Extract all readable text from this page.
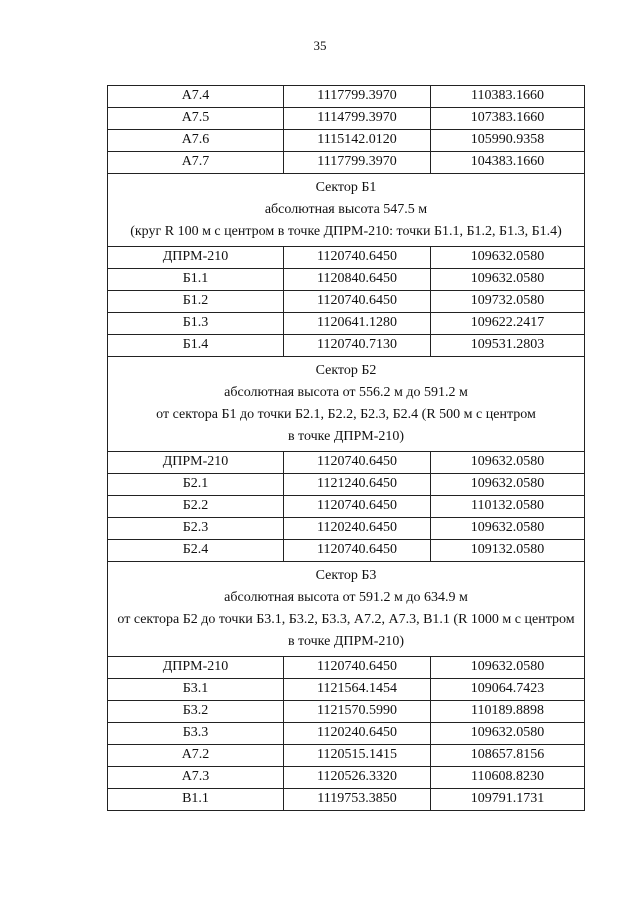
35
А7.4	1117799.3970	110383.1660
А7.5	1114799.3970	107383.1660
А7.6	1115142.0120	105990.9358
А7.7	1117799.3970	104383.1660

Сектор Б1
абсолютная высота 547.5 м
(круг R 100 м с центром в точке ДПРМ-210: точки Б1.1, Б1.2, Б1.3, Б1.4)		

ДПРМ-210	1120740.6450	109632.0580
Б1.1	1120840.6450	109632.0580
Б1.2	1120740.6450	109732.0580
Б1.3	1120641.1280	109622.2417
Б1.4	1120740.7130	109531.2803

Сектор Б2
абсолютная высота от 556.2 м до 591.2 м
от сектора Б1 до точки Б2.1, Б2.2, Б2.3, Б2.4 (R 500 м с центром
в точке ДПРМ-210)		

ДПРМ-210	1120740.6450	109632.0580
Б2.1	1121240.6450	109632.0580
Б2.2	1120740.6450	110132.0580
Б2.3	1120240.6450	109632.0580
Б2.4	1120740.6450	109132.0580

Сектор Б3
абсолютная высота от 591.2 м до 634.9 м
от сектора Б2 до точки Б3.1, Б3.2, Б3.3, А7.2, А7.3, В1.1 (R 1000 м с центром
в точке ДПРМ-210)		

ДПРМ-210	1120740.6450	109632.0580
Б3.1	1121564.1454	109064.7423
Б3.2	1121570.5990	110189.8898
Б3.3	1120240.6450	109632.0580
А7.2	1120515.1415	108657.8156
А7.3	1120526.3320	110608.8230
В1.1	1119753.3850	109791.1731
